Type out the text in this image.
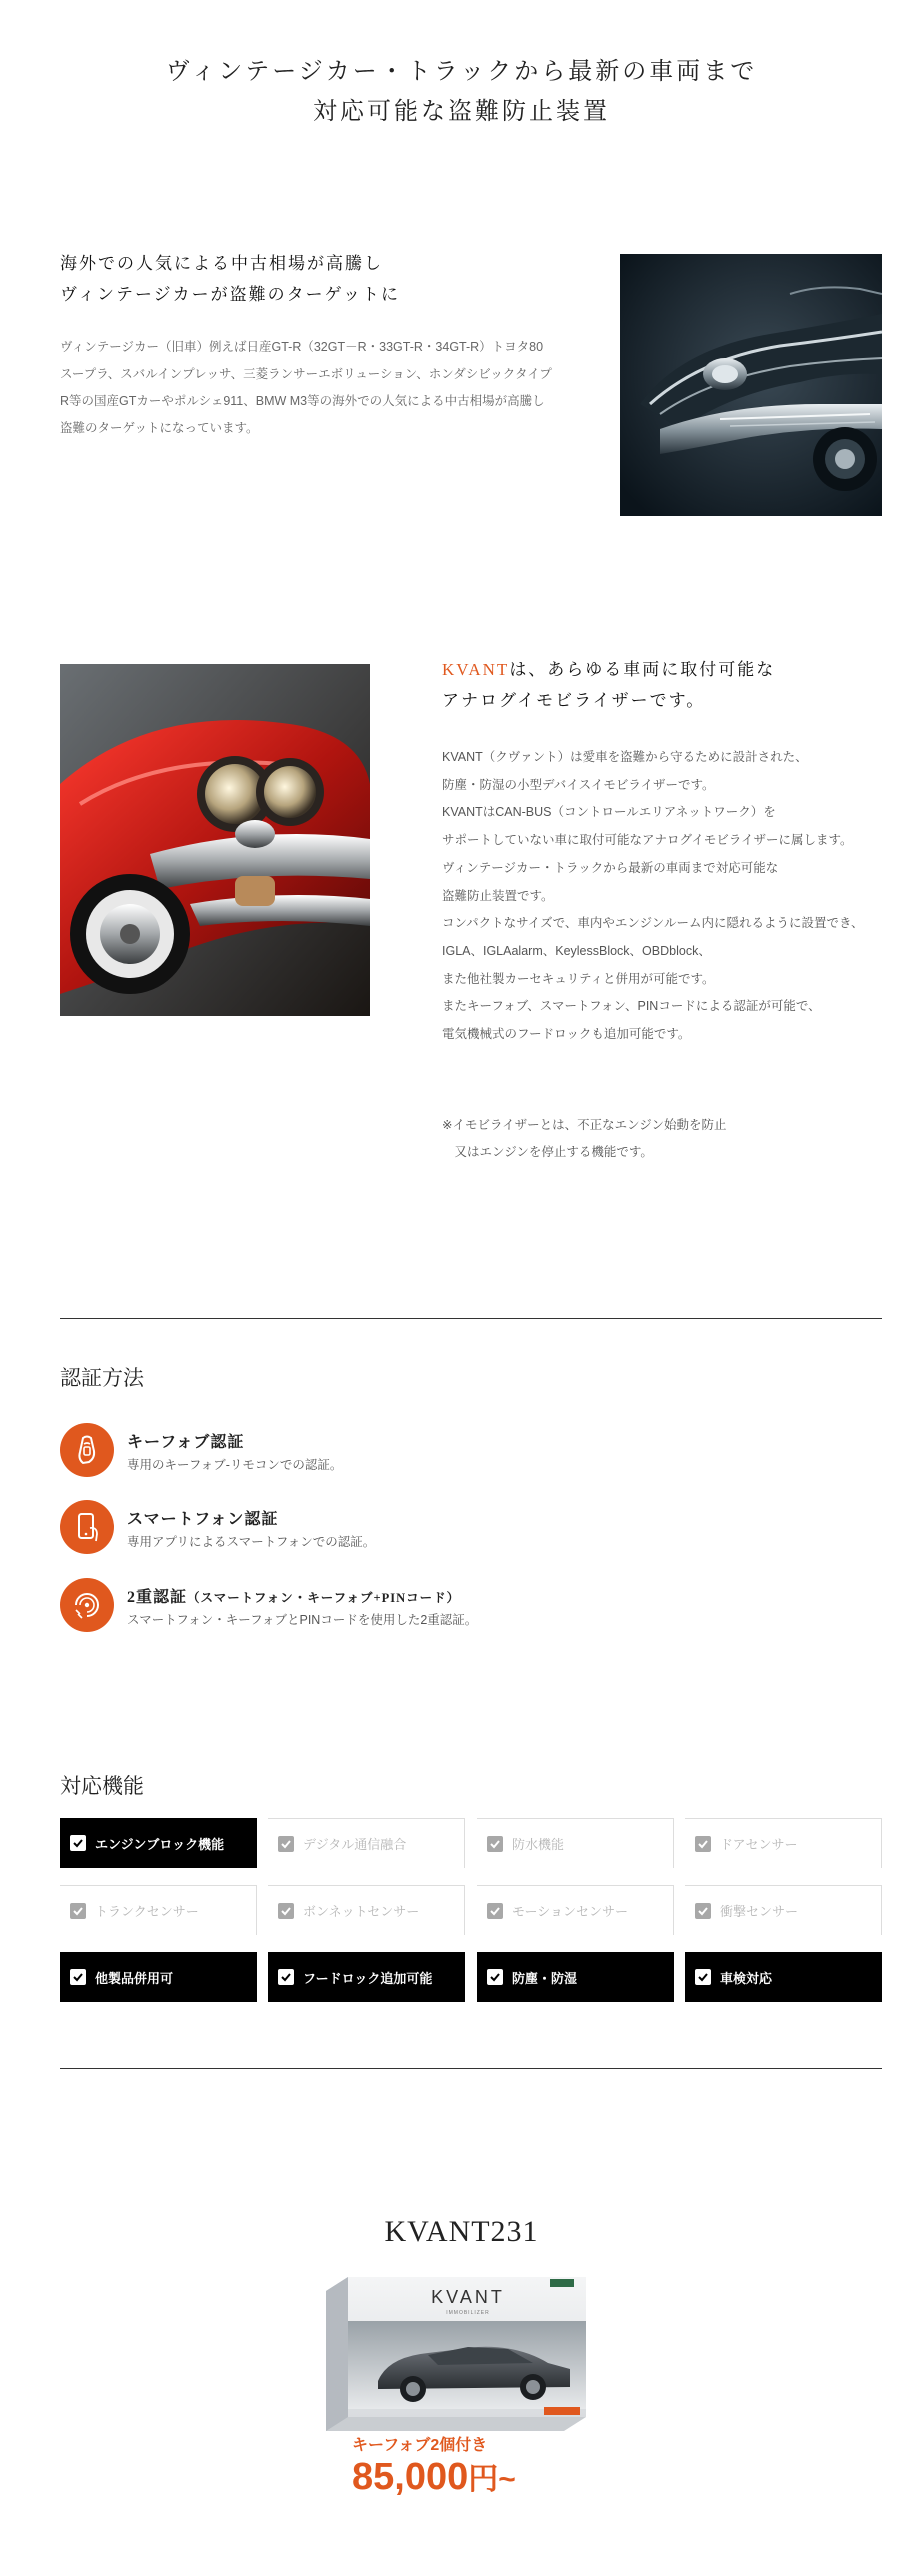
ヴィンテージカー・トラックから最新の車両まで
対応可能な盗難防止装置
海外での人気による中古相場が高騰し
ヴィンテージカーが盗難のターゲットに
ヴィンテージカー（旧車）例えば日産GT-R（32GT－R・33GT-R・34GT-R）トヨタ80スープラ、スバルインプレッサ、三菱ランサーエボリューション、ホンダシビックタイプR等の国産GTカーやポルシェ911、BMW M3等の海外での人気による中古相場が高騰し盗難のターゲットになっています。
KVANTは、あらゆる車両に取付可能な
アナログイモビライザーです。

KVANT（クヴァント）は愛車を盗難から守るために設計された、

防塵・防湿の小型デバイスイモビライザーです。

KVANTはCAN-BUS（コントロールエリアネットワーク）を

サポートしていない車に取付可能なアナログイモビライザーに属します。

ヴィンテージカー・トラックから最新の車両まで対応可能な

盗難防止装置です。

コンパクトなサイズで、車内やエンジンルーム内に隠れるように設置でき、IGLA、IGLAalarm、KeylessBlock、OBDblock、

また他社製カーセキュリティと併用が可能です。

またキーフォブ、スマートフォン、PINコードによる認証が可能で、

電気機械式のフードロックも追加可能です。

※イモビライザーとは、不正なエンジン始動を防止
　又はエンジンを停止する機能です。
認証方法
キーフォブ認証
専用のキーフォブ-リモコンでの認証。
スマートフォン認証
専用アプリによるスマートフォンでの認証。
2重認証（スマートフォン・キーフォブ+PINコード）
スマートフォン・キーフォブとPINコードを使用した2重認証。
対応機能
エンジンブロック機能	デジタル通信融合	防水機能	ドアセンサー
トランクセンサー	ボンネットセンサー	モーションセンサー	衝撃センサー
他製品併用可	フードロック追加可能	防塵・防湿	車検対応
KVANT231
KVANT
IMMOBILIZER
キーフォブ2個付き
85,000円~
